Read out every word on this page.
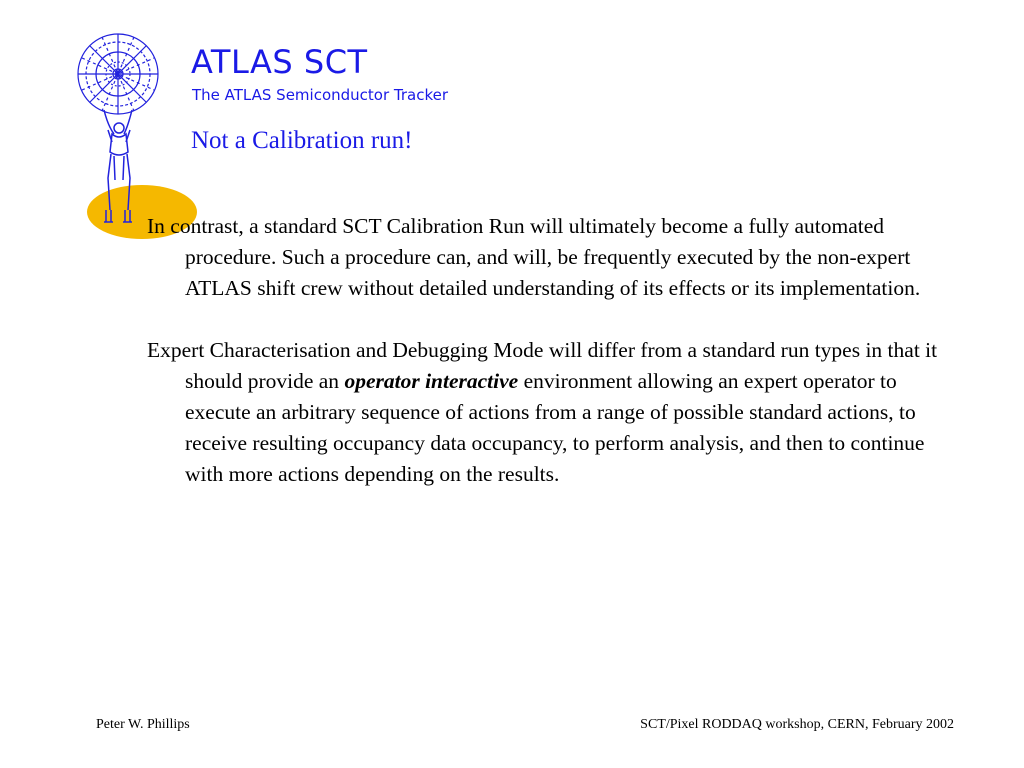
ATLAS SCT
The ATLAS Semiconductor Tracker
Not a Calibration run!

In contrast, a standard SCT Calibration Run will ultimately become a fully automated procedure. Such a procedure can, and will, be frequently executed by the non-expert ATLAS shift crew without detailed understanding of its effects or its implementation.

Expert Characterisation and Debugging Mode will differ from a standard run types in that it should provide an operator interactive environment allowing an expert operator to execute an arbitrary sequence of actions from a range of possible standard actions, to receive resulting occupancy data occupancy, to perform analysis, and then to continue with more actions depending on the results.

Peter W. Phillips	SCT/Pixel RODDAQ workshop, CERN, February 2002
